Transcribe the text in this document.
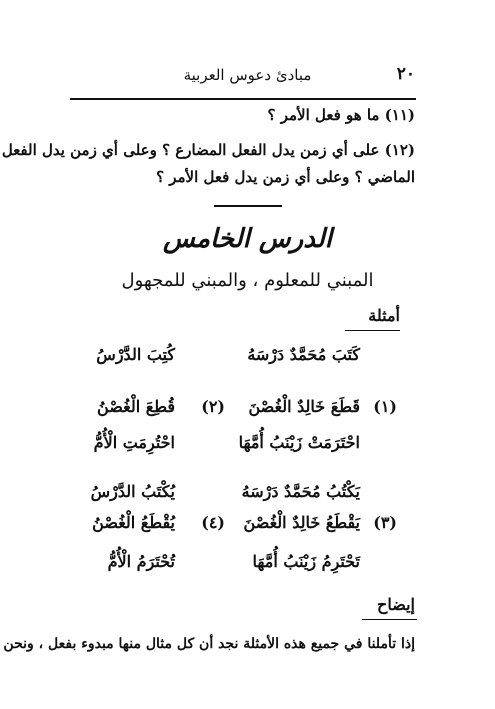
٢٠
مبادئ دعوس العربية
(١١) ما هو فعل الأمر ؟
(١٢) على أي زمن يدل الفعل المضارع ؟ وعلى أي زمن يدل الفعل
الماضي ؟ وعلى أي زمن يدل فعل الأمر ؟
الدرس الخامس
المبني للمعلوم ، والمبني للمجهول
أمثلة
كَتَبَ مُحَمَّدٌ دَرْسَهُ
(١)
قَطَعَ خَالِدٌ الْغُصْنَ
احْتَرَمَتْ زَيْنَبُ أُمَّهَا
كُتِبَ الدَّرْسُ
(٢)
قُطِعَ الْغُصْنُ
احْتُرِمَتِ الْأُمُّ
يَكْتُبُ مُحَمَّدٌ دَرْسَهُ
(٣)
يَقْطَعُ خَالِدٌ الْغُصْنَ
تَحْتَرِمُ زَيْنَبُ أُمَّهَا
يُكْتَبُ الدَّرْسُ
(٤)
يُقْطَعُ الْغُصْنُ
تُحْتَرَمُ الْأُمُّ
إيضاح
إذا تأملنا في جميع هذه الأمثلة نجد أن كل مثال منها مبدوء بفعل ، ونحن
